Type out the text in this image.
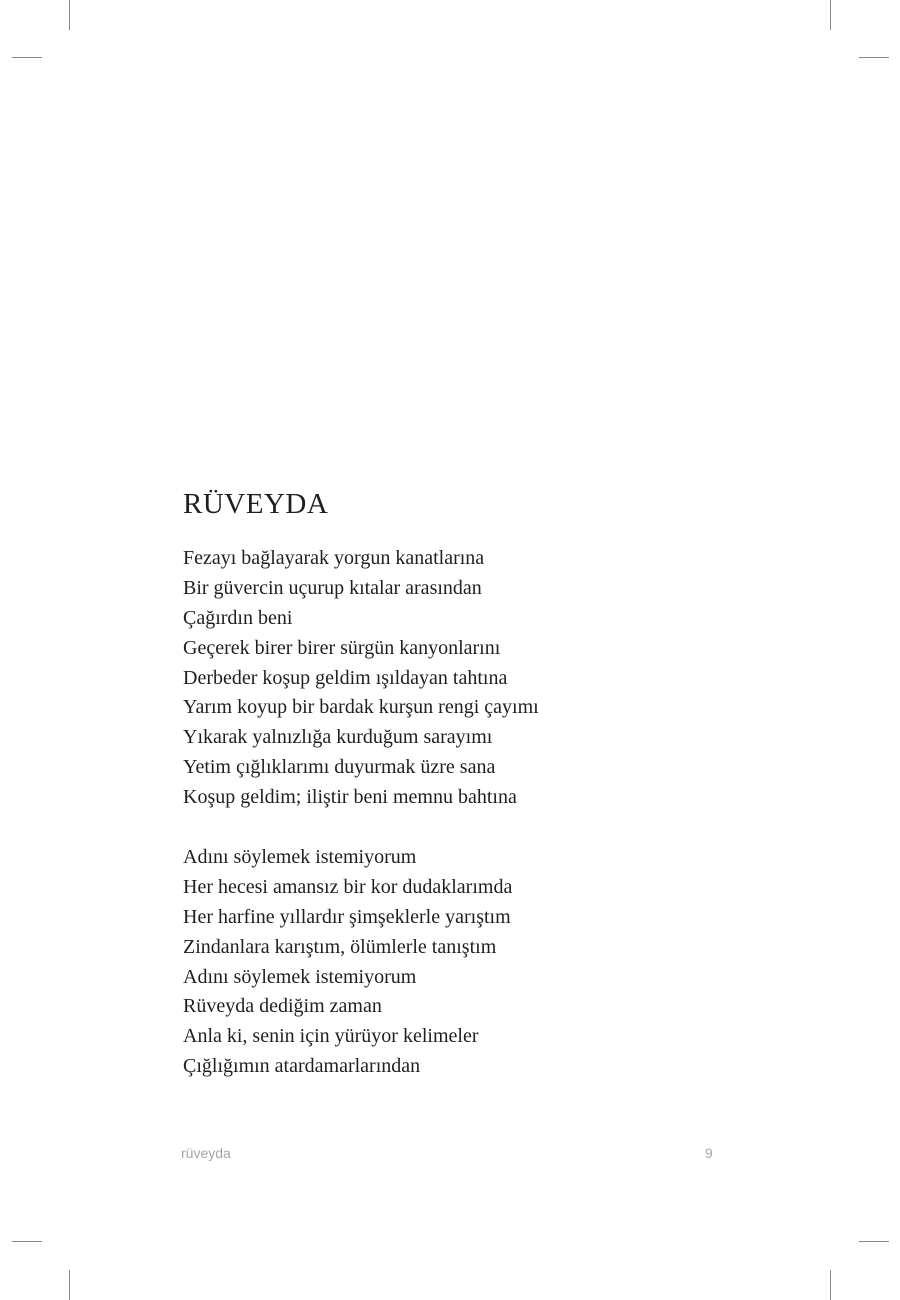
RÜVEYDA
Fezayı bağlayarak yorgun kanatlarına
Bir güvercin uçurup kıtalar arasından
Çağırdın beni
Geçerek birer birer sürgün kanyonlarını
Derbeder koşup geldim ışıldayan tahtına
Yarım koyup bir bardak kurşun rengi çayımı
Yıkarak yalnızlığa kurduğum sarayımı
Yetim çığlıklarımı duyurmak üzre sana
Koşup geldim; iliştir beni memnu bahtına
Adını söylemek istemiyorum
Her hecesi amansız bir kor dudaklarımda
Her harfine yıllardır şimşeklerle yarıştım
Zindanlara karıştım, ölümlerle tanıştım
Adını söylemek istemiyorum
Rüveyda dediğim zaman
Anla ki, senin için yürüyor kelimeler
Çığlığımın atardamarlarından
rüveyda	9
